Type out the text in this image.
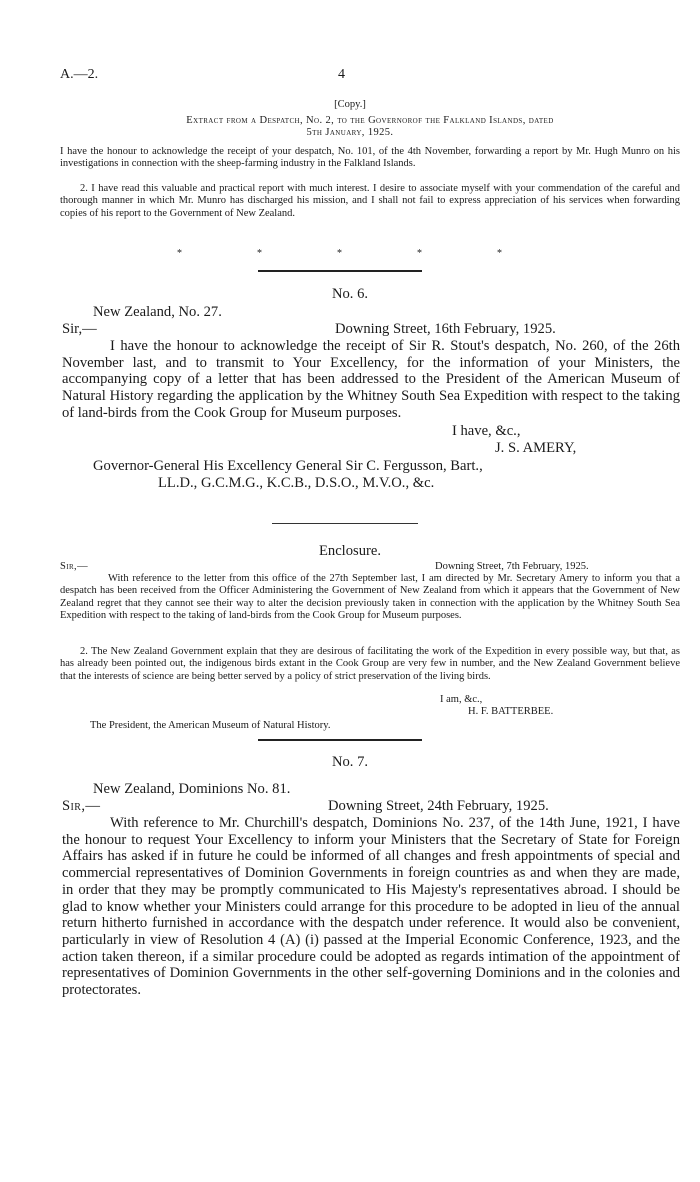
A.—2.	4
[Copy.]
Extract from a Despatch, No. 2, to the Governorof the Falkland Islands, dated
5th January, 1925.

I have the honour to acknowledge the receipt of your despatch, No. 101, of the 4th November, forwarding a report by Mr. Hugh Munro on his investigations in connection with the sheep-farming industry in the Falkland Islands.

2. I have read this valuable and practical report with much interest. I desire to associate myself with your commendation of the careful and thorough manner in which Mr. Munro has discharged his mission, and I shall not fail to express appreciation of his services when forwarding copies of his report to the Government of New Zealand.

*	*	*	*	*
No. 6.
New Zealand, No. 27.
Sir,—	Downing Street, 16th February, 1925.

I have the honour to acknowledge the receipt of Sir R. Stout's despatch, No. 260, of the 26th November last, and to transmit to Your Excellency, for the information of your Ministers, the accompanying copy of a letter that has been addressed to the President of the American Museum of Natural History regarding the application by the Whitney South Sea Expedition with respect to the taking of land-birds from the Cook Group for Museum purposes.

I have, &c.,
J. S. AMERY,
Governor-General His Excellency General Sir C. Fergusson, Bart.,
LL.D., G.C.M.G., K.C.B., D.S.O., M.V.O., &c.
Enclosure.
Sir,—	Downing Street, 7th February, 1925.

With reference to the letter from this office of the 27th September last, I am directed by Mr. Secretary Amery to inform you that a despatch has been received from the Officer Administering the Government of New Zealand from which it appears that the Government of New Zealand regret that they cannot see their way to alter the decision previously taken in connection with the application by the Whitney South Sea Expedition with respect to the taking of land-birds from the Cook Group for Museum purposes.

2. The New Zealand Government explain that they are desirous of facilitating the work of the Expedition in every possible way, but that, as has already been pointed out, the indigenous birds extant in the Cook Group are very few in number, and the New Zealand Government believe that the interests of science are being better served by a policy of strict preservation of the living birds.

I am, &c.,
H. F. BATTERBEE.
The President, the American Museum of Natural History.
No. 7.
New Zealand, Dominions No. 81.
Sir,—	Downing Street, 24th February, 1925.

With reference to Mr. Churchill's despatch, Dominions No. 237, of the 14th June, 1921, I have the honour to request Your Excellency to inform your Ministers that the Secretary of State for Foreign Affairs has asked if in future he could be informed of all changes and fresh appointments of special and commercial representatives of Dominion Governments in foreign countries as and when they are made, in order that they may be promptly communicated to His Majesty's representatives abroad. I should be glad to know whether your Ministers could arrange for this procedure to be adopted in lieu of the annual return hitherto furnished in accordance with the despatch under reference. It would also be convenient, particularly in view of Resolution 4 (A) (i) passed at the Imperial Economic Conference, 1923, and the action taken thereon, if a similar procedure could be adopted as regards intimation of the appointment of representatives of Dominion Governments in the other self-governing Dominions and in the colonies and protectorates.
